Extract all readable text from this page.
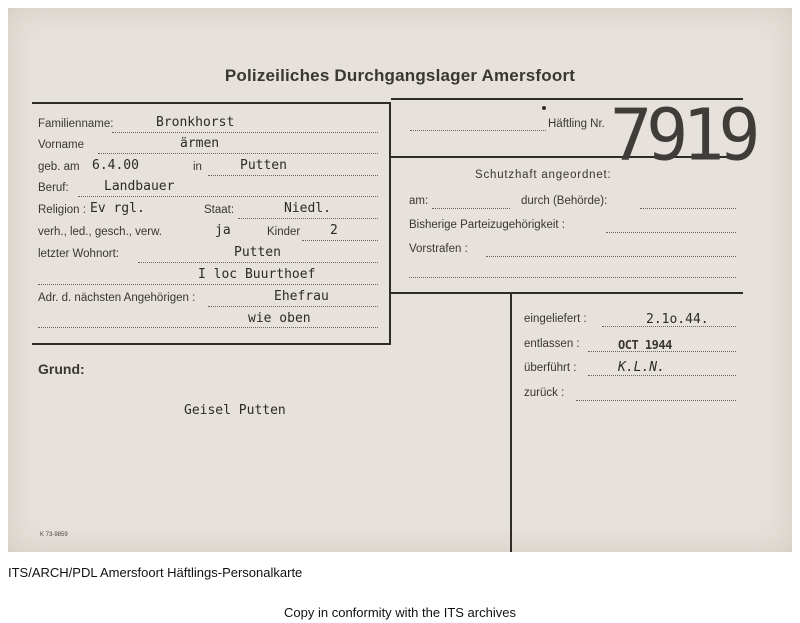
Polizeiliches Durchgangslager Amersfoort
Familienname:	Bronkhorst
Vorname	ärmen
geb. am 6.4.00	in	Putten
Beruf:	Landbauer
Religion : Ev rgl.	Staat:	Niedl.
verh., led., gesch., verw.	ja	Kinder 2
letzter Wohnort:	Putten
I loc Buurthoef
Adr. d. nächsten Angehörigen :	Ehefrau
wie oben
Häftling Nr. 7919
Schutzhaft angeordnet:
am:	durch (Behörde):
Bisherige Parteizugehörigkeit :
Vorstrafen :
eingeliefert :	2.1o.44.
entlassen :	OCT 1944
überführt :	K.L.N.
zurück :
Grund:
Geisel Putten
K 73-9859
ITS/ARCH/PDL Amersfoort Häftlings-Personalkarte
Copy in conformity with the ITS archives
